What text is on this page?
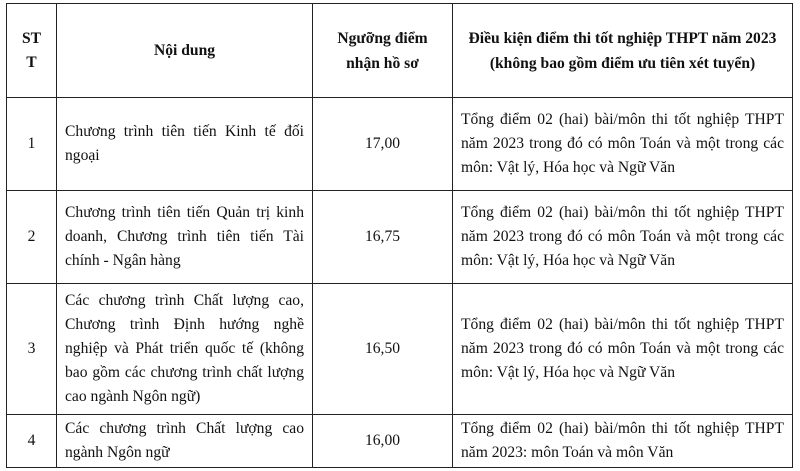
STT	Nội dung	Ngưỡng điểm nhận hồ sơ	Điều kiện điểm thi tốt nghiệp THPT năm 2023 (không bao gồm điểm ưu tiên xét tuyển)
1	Chương trình tiên tiến Kinh tế đối ngoại	17,00	Tổng điểm 02 (hai) bài/môn thi tốt nghiệp THPT năm 2023 trong đó có môn Toán và một trong các môn: Vật lý, Hóa học và Ngữ Văn
2	Chương trình tiên tiến Quản trị kinh doanh, Chương trình tiên tiến Tài chính - Ngân hàng	16,75	Tổng điểm 02 (hai) bài/môn thi tốt nghiệp THPT năm 2023 trong đó có môn Toán và một trong các môn: Vật lý, Hóa học và Ngữ Văn
3	Các chương trình Chất lượng cao, Chương trình Định hướng nghề nghiệp và Phát triển quốc tế (không bao gồm các chương trình chất lượng cao ngành Ngôn ngữ)	16,50	Tổng điểm 02 (hai) bài/môn thi tốt nghiệp THPT năm 2023 trong đó có môn Toán và một trong các môn: Vật lý, Hóa học và Ngữ Văn
4	Các chương trình Chất lượng cao ngành Ngôn ngữ	16,00	Tổng điểm 02 (hai) bài/môn thi tốt nghiệp THPT năm 2023: môn Toán và môn Văn
